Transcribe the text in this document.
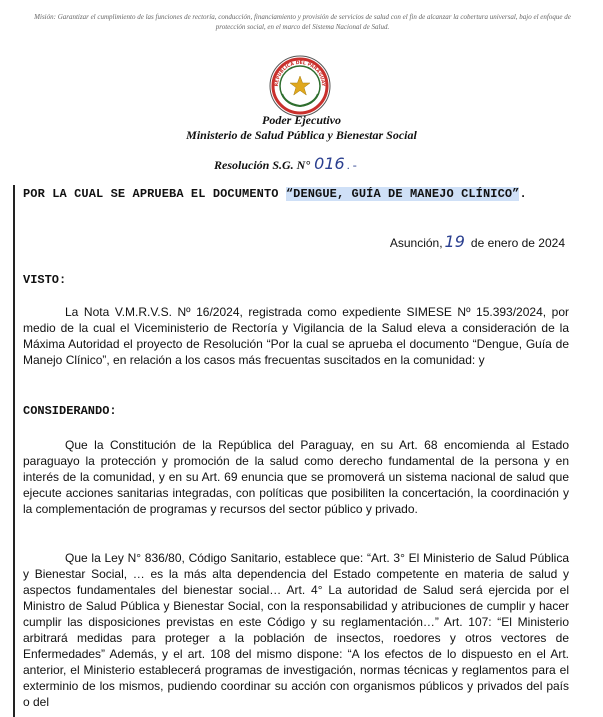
Misión: Garantizar el cumplimiento de las funciones de rectoría, conducción, financiamiento y provisión de servicios de salud con el fin de alcanzar la cobertura universal, bajo el enfoque de protección social, en el marco del Sistema Nacional de Salud.
REPÚBLICA DEL PARAGUAY
Poder Ejecutivo
Ministerio de Salud Pública y Bienestar Social
Resolución S.G. N° 016 . -
POR LA CUAL SE APRUEBA EL DOCUMENTO “DENGUE, GUÍA DE MANEJO CLÍNICO”.
Asunción, 19 de enero de 2024
VISTO:

La Nota V.M.R.V.S. Nº 16/2024, registrada como expediente SIMESE Nº 15.393/2024, por medio de la cual el Viceministerio de Rectoría y Vigilancia de la Salud eleva a consideración de la Máxima Autoridad el proyecto de Resolución “Por la cual se aprueba el documento “Dengue, Guía de Manejo Clínico”, en relación a los casos más frecuentas suscitados en la comunidad: y

CONSIDERANDO:

Que la Constitución de la República del Paraguay, en su Art. 68 encomienda al Estado paraguayo la protección y promoción de la salud como derecho fundamental de la persona y en interés de la comunidad, y en su Art. 69 enuncia que se promoverá un sistema nacional de salud que ejecute acciones sanitarias integradas, con políticas que posibiliten la concertación, la coordinación y la complementación de programas y recursos del sector público y privado.

Que la Ley N° 836/80, Código Sanitario, establece que: “Art. 3° El Ministerio de Salud Pública y Bienestar Social, … es la más alta dependencia del Estado competente en materia de salud y aspectos fundamentales del bienestar social… Art. 4° La autoridad de Salud será ejercida por el Ministro de Salud Pública y Bienestar Social, con la responsabilidad y atribuciones de cumplir y hacer cumplir las disposiciones previstas en este Código y su reglamentación…” Art. 107: “El Ministerio arbitrará medidas para proteger a la población de insectos, roedores y otros vectores de Enfermedades” Además, y el art. 108 del mismo dispone: “A los efectos de lo dispuesto en el Art. anterior, el Ministerio establecerá programas de investigación, normas técnicas y reglamentos para el exterminio de los mismos, pudiendo coordinar su acción con organismos públicos y privados del país o del
